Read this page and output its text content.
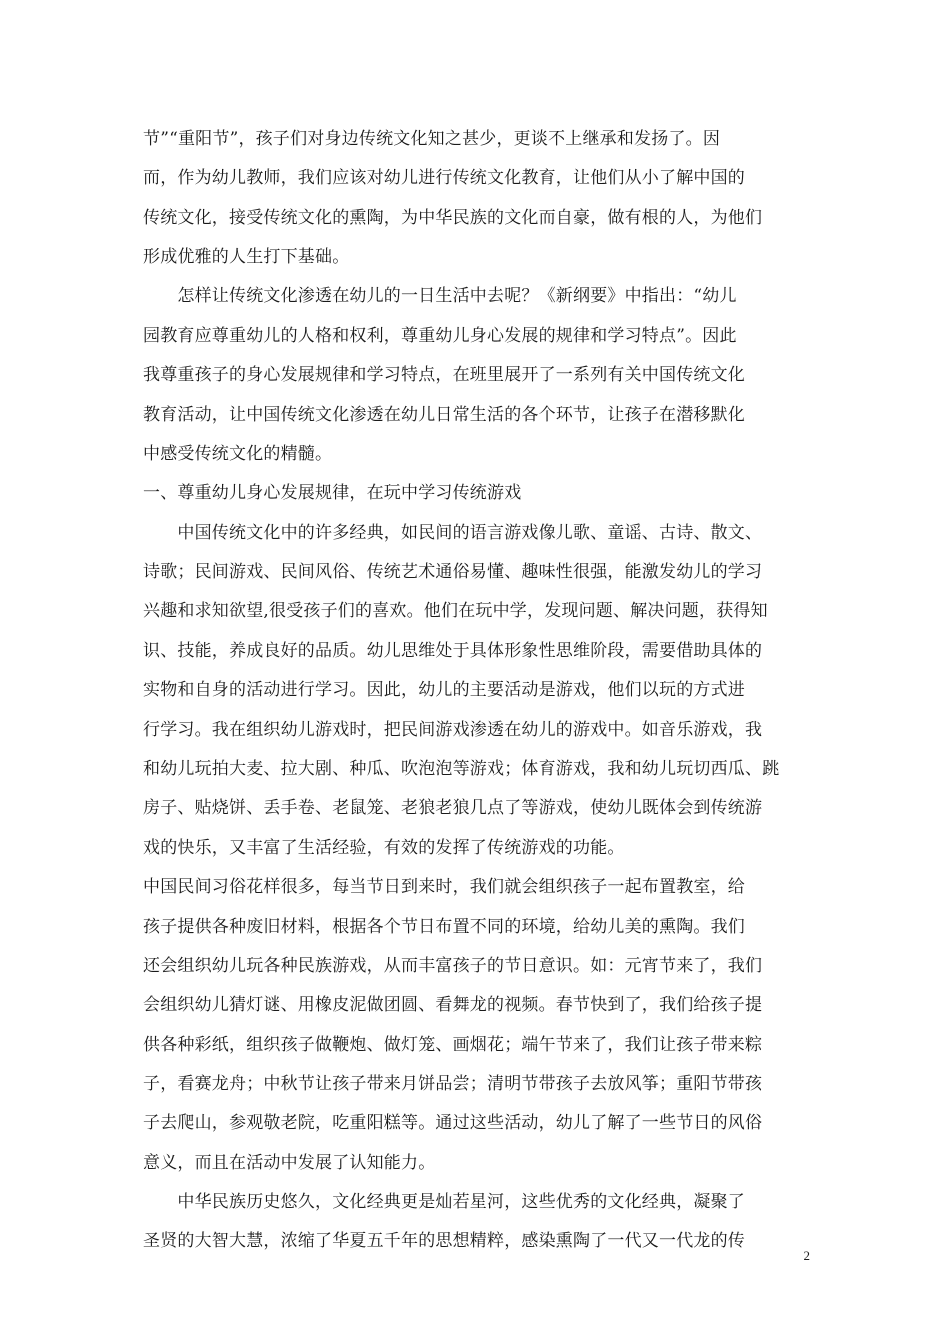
节”“重阳节”，孩子们对身边传统文化知之甚少，更谈不上继承和发扬了。因
而，作为幼儿教师，我们应该对幼儿进行传统文化教育，让他们从小了解中国的
传统文化，接受传统文化的熏陶，为中华民族的文化而自豪，做有根的人，为他们
形成优雅的人生打下基础。
　　怎样让传统文化渗透在幼儿的一日生活中去呢？《新纲要》中指出：“幼儿
园教育应尊重幼儿的人格和权利，尊重幼儿身心发展的规律和学习特点”。因此
我尊重孩子的身心发展规律和学习特点，在班里展开了一系列有关中国传统文化
教育活动，让中国传统文化渗透在幼儿日常生活的各个环节，让孩子在潜移默化
中感受传统文化的精髓。
一、尊重幼儿身心发展规律，在玩中学习传统游戏
　　中国传统文化中的许多经典，如民间的语言游戏像儿歌、童谣、古诗、散文、
诗歌；民间游戏、民间风俗、传统艺术通俗易懂、趣味性很强，能激发幼儿的学习
兴趣和求知欲望,很受孩子们的喜欢。他们在玩中学，发现问题、解决问题，获得知
识、技能，养成良好的品质。幼儿思维处于具体形象性思维阶段，需要借助具体的
实物和自身的活动进行学习。因此，幼儿的主要活动是游戏，他们以玩的方式进
行学习。我在组织幼儿游戏时，把民间游戏渗透在幼儿的游戏中。如音乐游戏，我
和幼儿玩拍大麦、拉大剧、种瓜、吹泡泡等游戏；体育游戏，我和幼儿玩切西瓜、跳
房子、贴烧饼、丢手卷、老鼠笼、老狼老狼几点了等游戏，使幼儿既体会到传统游
戏的快乐，又丰富了生活经验，有效的发挥了传统游戏的功能。
中国民间习俗花样很多，每当节日到来时，我们就会组织孩子一起布置教室，给
孩子提供各种废旧材料，根据各个节日布置不同的环境，给幼儿美的熏陶。我们
还会组织幼儿玩各种民族游戏，从而丰富孩子的节日意识。如：元宵节来了，我们
会组织幼儿猜灯谜、用橡皮泥做团圆、看舞龙的视频。春节快到了，我们给孩子提
供各种彩纸，组织孩子做鞭炮、做灯笼、画烟花；端午节来了，我们让孩子带来粽
子，看赛龙舟；中秋节让孩子带来月饼品尝；清明节带孩子去放风筝；重阳节带孩
子去爬山，参观敬老院，吃重阳糕等。通过这些活动，幼儿了解了一些节日的风俗
意义，而且在活动中发展了认知能力。
　　中华民族历史悠久，文化经典更是灿若星河，这些优秀的文化经典，凝聚了
圣贤的大智大慧，浓缩了华夏五千年的思想精粹，感染熏陶了一代又一代龙的传
2
